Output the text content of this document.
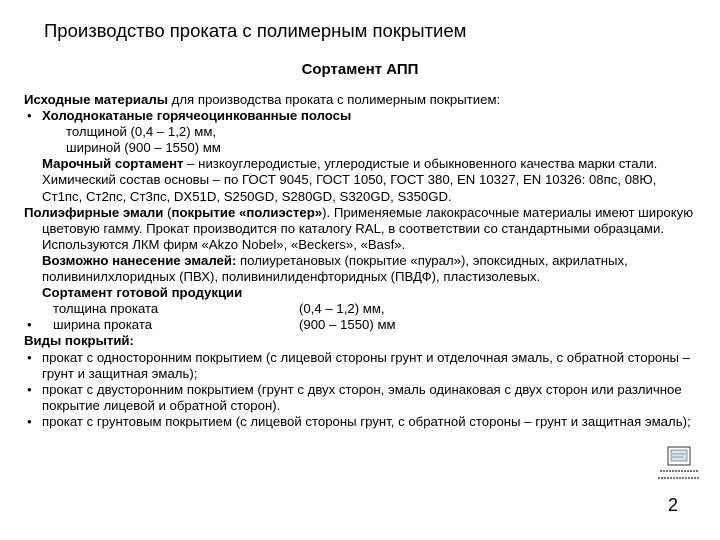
Производство проката с полимерным покрытием
Сортамент АПП

Исходные материалы для производства проката с полимерным покрытием:

• Холоднокатаные горячеоцинкованные полосы

толщиной (0,4 – 1,2) мм,

шириной (900 – 1550) мм

Марочный сортамент – низкоуглеродистые, углеродистые и обыкновенного качества марки стали. Химический состав основы – по ГОСТ 9045, ГОСТ 1050, ГОСТ 380, EN 10327, EN 10326: 08пс, 08Ю, Ст1пс, Ст2пс, Ст3пс, DX51D, S250GD, S280GD, S320GD, S350GD.

Полиэфирные эмали (покрытие «полиэстер»). Применяемые лакокрасочные материалы имеют широкую цветовую гамму. Прокат производится по каталогу RAL, в соответствии со стандартными образцами. Используются ЛКМ фирм «Akzo Nobel», «Beckers», «Basf».

Возможно нанесение эмалей: полиуретановых (покрытие «пурал»), эпоксидных, акрилатных, поливинилхлоридных (ПВХ), поливинилиденфторидных (ПВДФ), пластизолевых.

Сортамент готовой продукции

толщина проката	(0,4 – 1,2) мм,

• ширина проката	(900 – 1550) мм

Виды покрытий:

• прокат с односторонним покрытием (с лицевой стороны грунт и отделочная эмаль, с обратной стороны – грунт и защитная эмаль);

• прокат с двусторонним покрытием (грунт с двух сторон, эмаль одинаковая с двух сторон или различное покрытие лицевой и обратной сторон).

• прокат с грунтовым покрытием (с лицевой стороны грунт, с обратной стороны – грунт и защитная эмаль);

2
